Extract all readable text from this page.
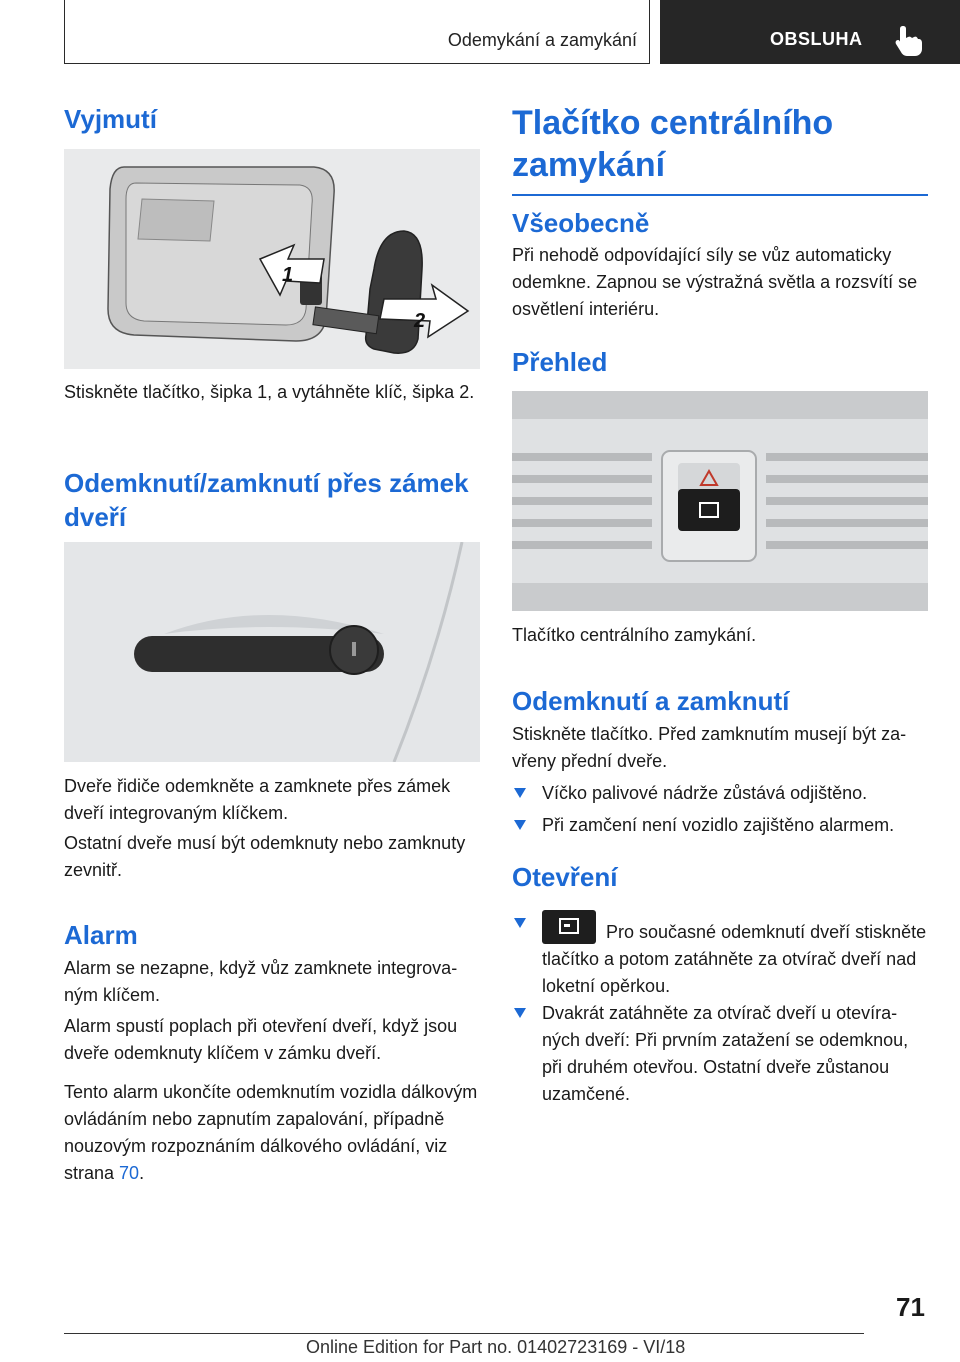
Odemykání a zamykání	OBSLUHA
Vyjmutí
1
2

Stiskněte tlačítko, šipka 1, a vytáhněte klíč, šipka 2.

Odemknutí/zamknutí přes zámek dveří

Dveře řidiče odemkněte a zamknete přes zámek dveří integrovaným klíčkem.

Ostatní dveře musí být odemknuty nebo zamknuty zevnitř.

Alarm

Alarm se nezapne, když vůz zamknete integrovaným klíčem.

Alarm spustí poplach při otevření dveří, když jsou dveře odemknuty klíčem v zámku dveří.

Tento alarm ukončíte odemknutím vozidla dálkovým ovládáním nebo zapnutím zapalování, případně nouzovým rozpoznáním dálkového ovládání, viz strana 70.

Tlačítko centrálního zamykání
Všeobecně

Při nehodě odpovídající síly se vůz automaticky odemkne. Zapnou se výstražná světla a rozsvítí se osvětlení interiéru.

Přehled

Tlačítko centrálního zamykání.

Odemknutí a zamknutí

Stiskněte tlačítko. Před zamknutím musejí být zavřeny přední dveře.

Víčko palivové nádrže zůstává odjištěno.
Při zamčení není vozidlo zajištěno alarmem.
Otevření
Pro současné odemknutí dveří stiskněte tlačítko a potom zatáhněte za otvírač dveří nad loketní opěrkou.
Dvakrát zatáhněte za otvírač dveří u otevíraných dveří: Při prvním zatažení se odemknou, při druhém otevřou. Ostatní dveře zůstanou uzamčené.
71
Online Edition for Part no. 01402723169 - VI/18
